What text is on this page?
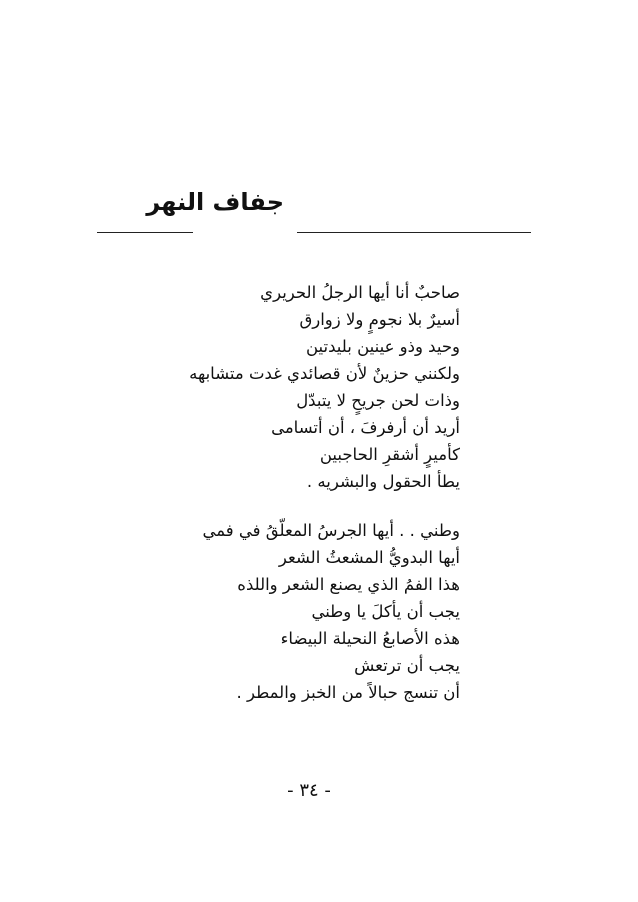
جفاف النهر
صاحبٌ أنا أيها الرجلُ الحريري
أسيرٌ بلا نجومٍ ولا زوارق
وحيد وذو عينين بليدتين
ولكنني حزينٌ لأن قصائدي غدت متشابهه
وذات لحن جريحٍ لا يتبدّل
أريد أن أرفرفَ ، أن أتسامى
كأميرٍ أشقرِ الحاجبين
يطأ الحقول والبشريه .
وطني . . أيها الجرسُ المعلّقُ في فمي
أيها البدويُّ المشعثُ الشعر
هذا الفمُ الذي يصنع الشعر واللذه
يجب أن يأكلَ يا وطني
هذه الأصابعُ النحيلة البيضاء
يجب أن ترتعش
أن تنسج حبالاً من الخبز والمطر .
- ٣٤ -
